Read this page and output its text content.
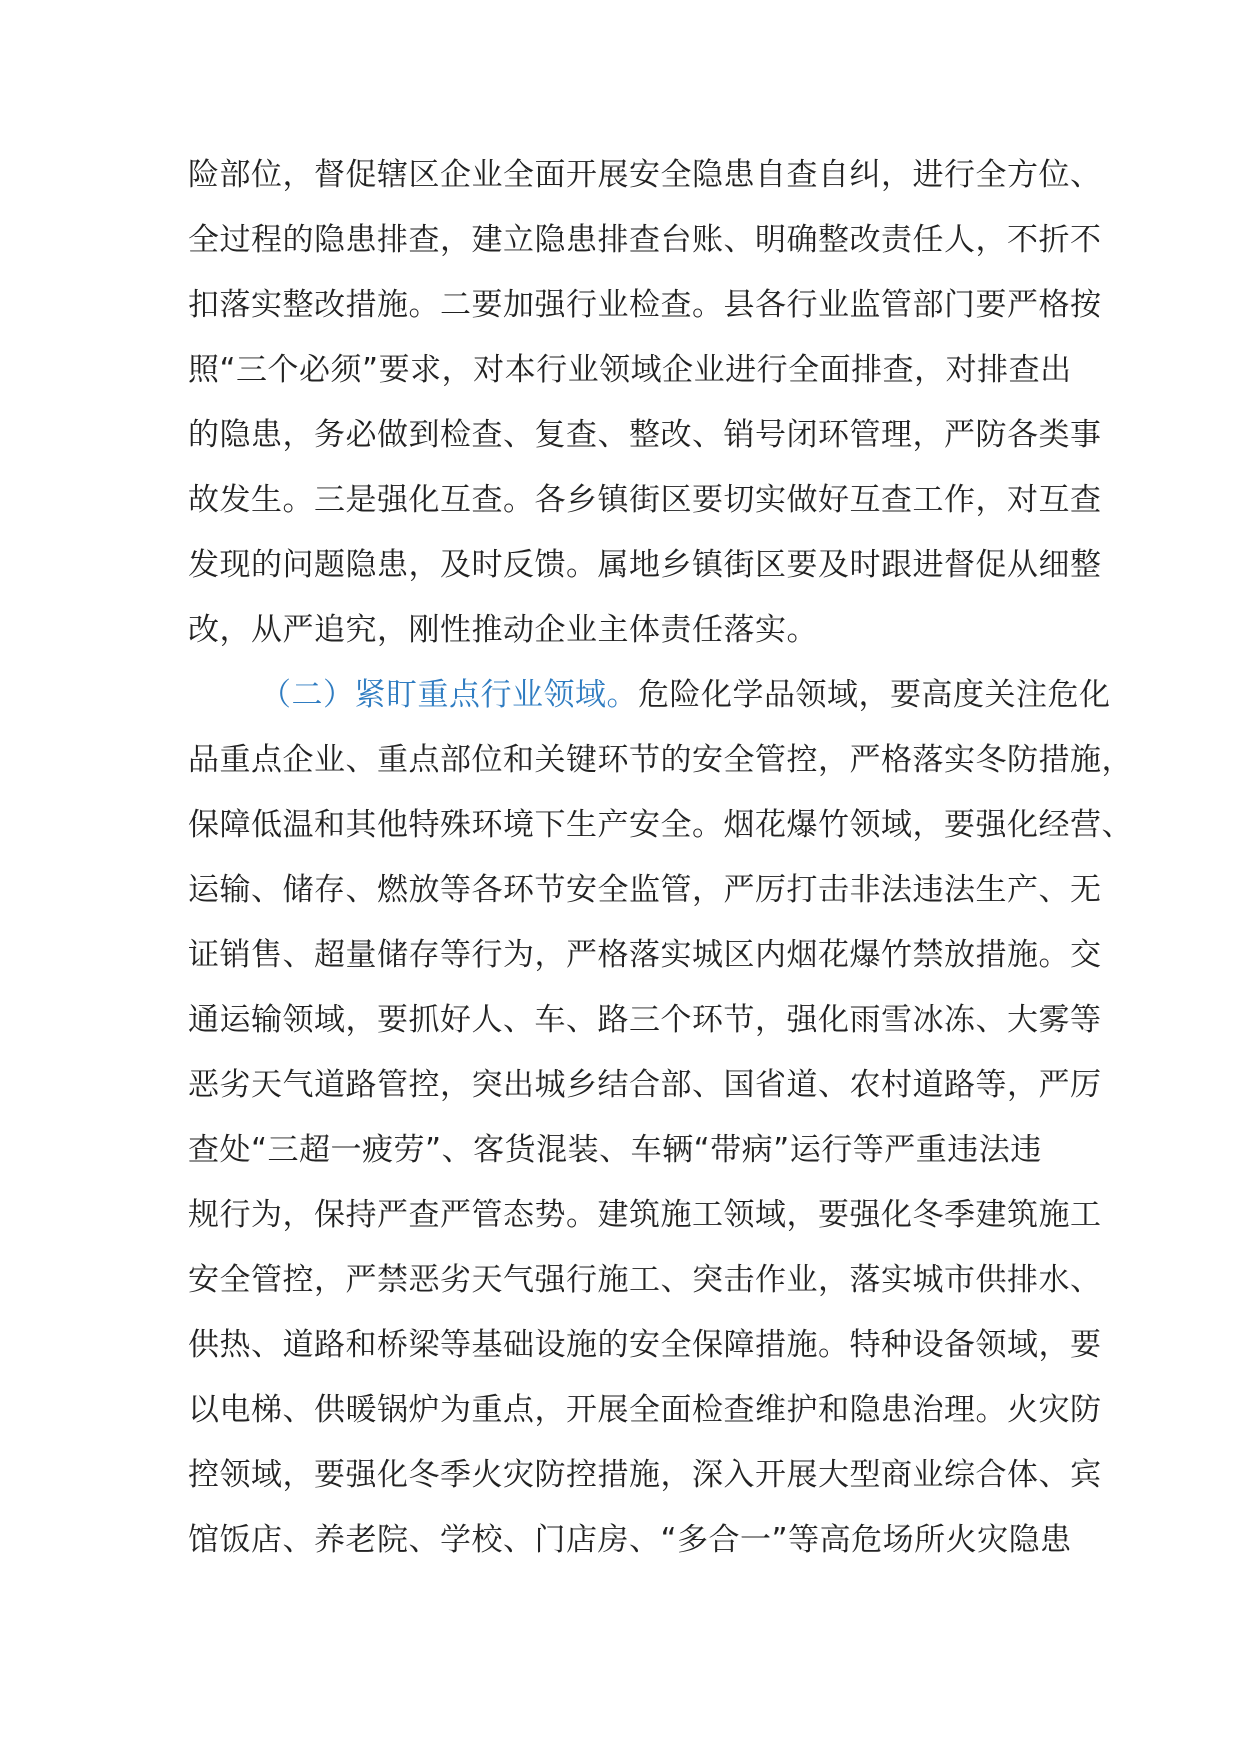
险部位，督促辖区企业全面开展安全隐患自查自纠，进行全方位、
全过程的隐患排查，建立隐患排查台账、明确整改责任人，不折不
扣落实整改措施。二要加强行业检查。县各行业监管部门要严格按
照“三个必须”要求，对本行业领域企业进行全面排查，对排查出
的隐患，务必做到检查、复查、整改、销号闭环管理，严防各类事
故发生。三是强化互查。各乡镇街区要切实做好互查工作，对互查
发现的问题隐患，及时反馈。属地乡镇街区要及时跟进督促从细整
改，从严追究，刚性推动企业主体责任落实。
（二）紧盯重点行业领域。危险化学品领域，要高度关注危化
品重点企业、重点部位和关键环节的安全管控，严格落实冬防措施，
保障低温和其他特殊环境下生产安全。烟花爆竹领域，要强化经营、
运输、储存、燃放等各环节安全监管，严厉打击非法违法生产、无
证销售、超量储存等行为，严格落实城区内烟花爆竹禁放措施。交
通运输领域，要抓好人、车、路三个环节，强化雨雪冰冻、大雾等
恶劣天气道路管控，突出城乡结合部、国省道、农村道路等，严厉
查处“三超一疲劳”、客货混装、车辆“带病”运行等严重违法违
规行为，保持严查严管态势。建筑施工领域，要强化冬季建筑施工
安全管控，严禁恶劣天气强行施工、突击作业，落实城市供排水、
供热、道路和桥梁等基础设施的安全保障措施。特种设备领域，要
以电梯、供暖锅炉为重点，开展全面检查维护和隐患治理。火灾防
控领域，要强化冬季火灾防控措施，深入开展大型商业综合体、宾
馆饭店、养老院、学校、门店房、“多合一”等高危场所火灾隐患
